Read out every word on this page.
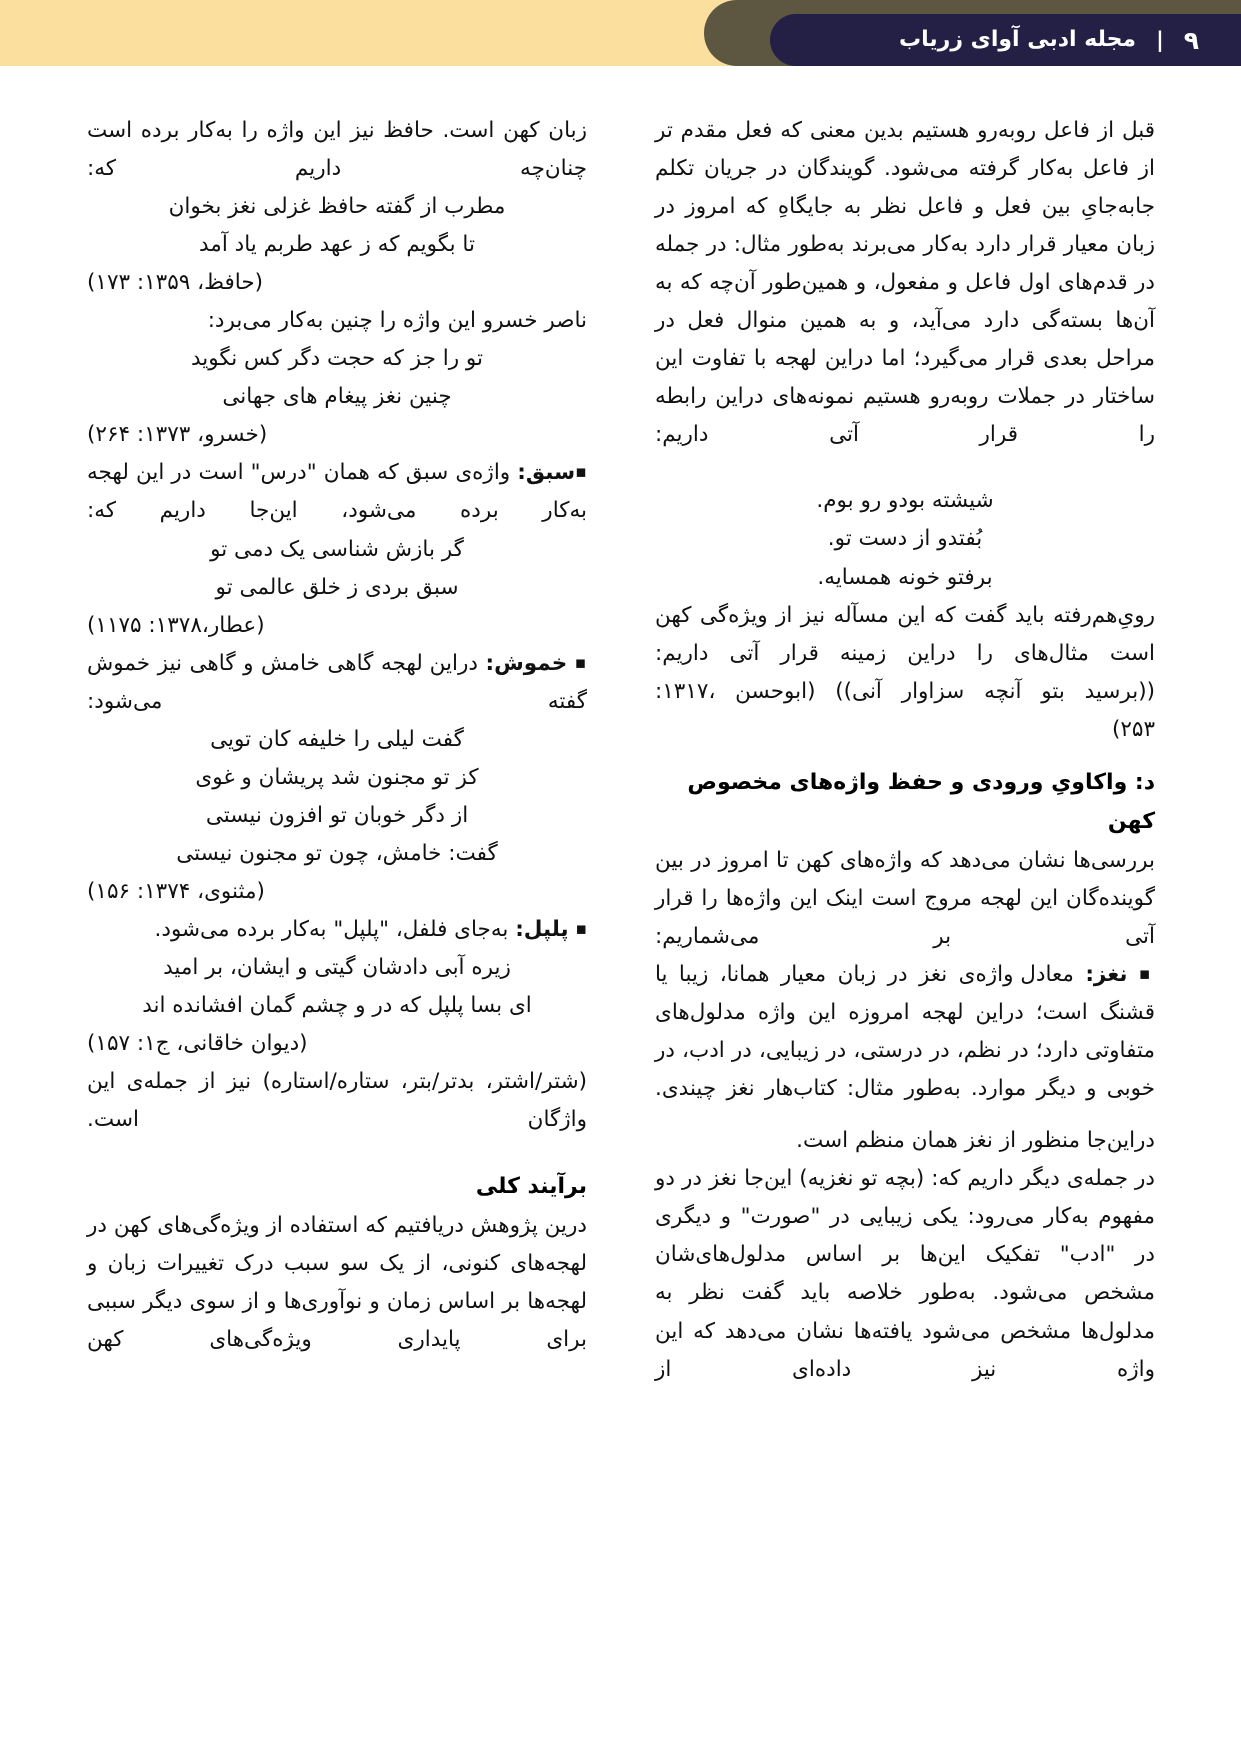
۹
|
مجله ادبی آوای زریاب

قبل از فاعل روبه‌رو هستیم بدین معنی که فعل مقدم تر از فاعل به‌کار گرفته می‌شود. گویندگان در جریان تکلم جابه‌جایِ بین فعل و فاعل نظر به جایگاهِ که امروز در زبان معیار قرار دارد به‌کار می‌برند به‌طور مثال: در جمله در قدم‌های اول فاعل و مفعول، و همین‌طور آن‌چه که به آن‌ها بسته‌گی دارد می‌آید، و به همین منوال فعل در مراحل بعدی قرار می‌گیرد؛ اما دراین لهجه با تفاوت این ساختار در جملات روبه‌رو هستیم نمونه‌های دراین رابطه را قرار آتی داریم:

شیشته بودو رو بوم.

بُفتدو از دست تو.

برفتو خونه همسایه.

رویِ‌هم‌رفته باید گفت که این مسآله نیز از ویژه‌گی کهن است مثال‌های را دراین زمینه قرار آتی داریم:

((برسید بتو آنچه سزاوار آنی)) (ابوحسن ،۱۳۱۷:

۲۵۳)

د: واکاویِ ورودی و حفظ واژه‌های مخصوص کهن

بررسی‌ها نشان می‌دهد که واژه‌های کهن تا امروز در بین گوینده‌گان این لهجه مروج است اینک این واژه‌ها را قرار آتی بر می‌شماریم:

▪ نغز: معادل واژه‌ی نغز در زبان معیار همانا، زیبا یا قشنگ است؛ دراین لهجه امروزه این واژه مدلول‌های متفاوتی دارد؛ در نظم، در درستی، در زیبایی، در ادب، در خوبی و دیگر موارد. به‌طور مثال: کتاب‌هار نغز چیندی.

دراین‌جا منظور از نغز همان منظم است.

در جمله‌ی دیگر داریم که: (بچه تو نغزیه) این‌جا نغز در دو مفهوم به‌کار می‌رود: یکی زیبایی در "صورت" و دیگری در "ادب" تفکیک این‌ها بر اساس مدلول‌های‌شان مشخص می‌شود. به‌طور خلاصه باید گفت نظر به مدلول‌ها مشخص می‌شود یافته‌ها نشان می‌دهد که این واژه نیز داده‌ای از

زبان کهن است. حافظ نیز این واژه را به‌کار برده است چنان‌چه داریم که:

مطرب از گفته حافظ غزلی نغز بخوان

تا بگویم که ز عهد طربم یاد آمد

(حافظ، ۱۳۵۹: ۱۷۳)

ناصر خسرو این واژه را چنین به‌کار می‌برد:

تو را جز که حجت دگر کس نگوید

چنین نغز پیغام های جهانی

(خسرو، ۱۳۷۳: ۲۶۴)

▪سبق: واژه‌ی سبق که همان "درس" است در این لهجه به‌کار برده می‌شود، این‌جا داریم که:

گر بازش شناسی یک دمی تو

سبق بردی ز خلق عالمی تو

(عطار،۱۳۷۸: ۱۱۷۵)

▪ خموش: دراین لهجه گاهی خامش و گاهی نیز خموش گفته می‌شود:

گفت لیلی را خلیفه کان تویی

کز تو مجنون شد پریشان و غوی

از دگر خوبان تو افزون نیستی

گفت: خامش، چون تو مجنون نیستی

(مثنوی، ۱۳۷۴: ۱۵۶)

▪ پلپل: به‌جای فلفل، "پلپل" به‌کار برده می‌شود.

زیره آبی دادشان گیتی و ایشان، بر امید

ای بسا پلپل که در و چشم گمان افشانده اند

(دیوان خاقانی، ج۱: ۱۵۷)

(شتر/اشتر، بدتر/بتر، ستاره/استاره) نیز از جمله‌ی این واژگان است.

برآیند کلی

درین پژوهش دریافتیم که استفاده از ویژه‌گی‌های کهن در لهجه‌های کنونی، از یک سو سبب درک تغییرات زبان و لهجه‌ها بر اساس زمان و نوآوری‌ها و از سوی دیگر سببی برای پایداری ویژه‌گی‌های کهن
